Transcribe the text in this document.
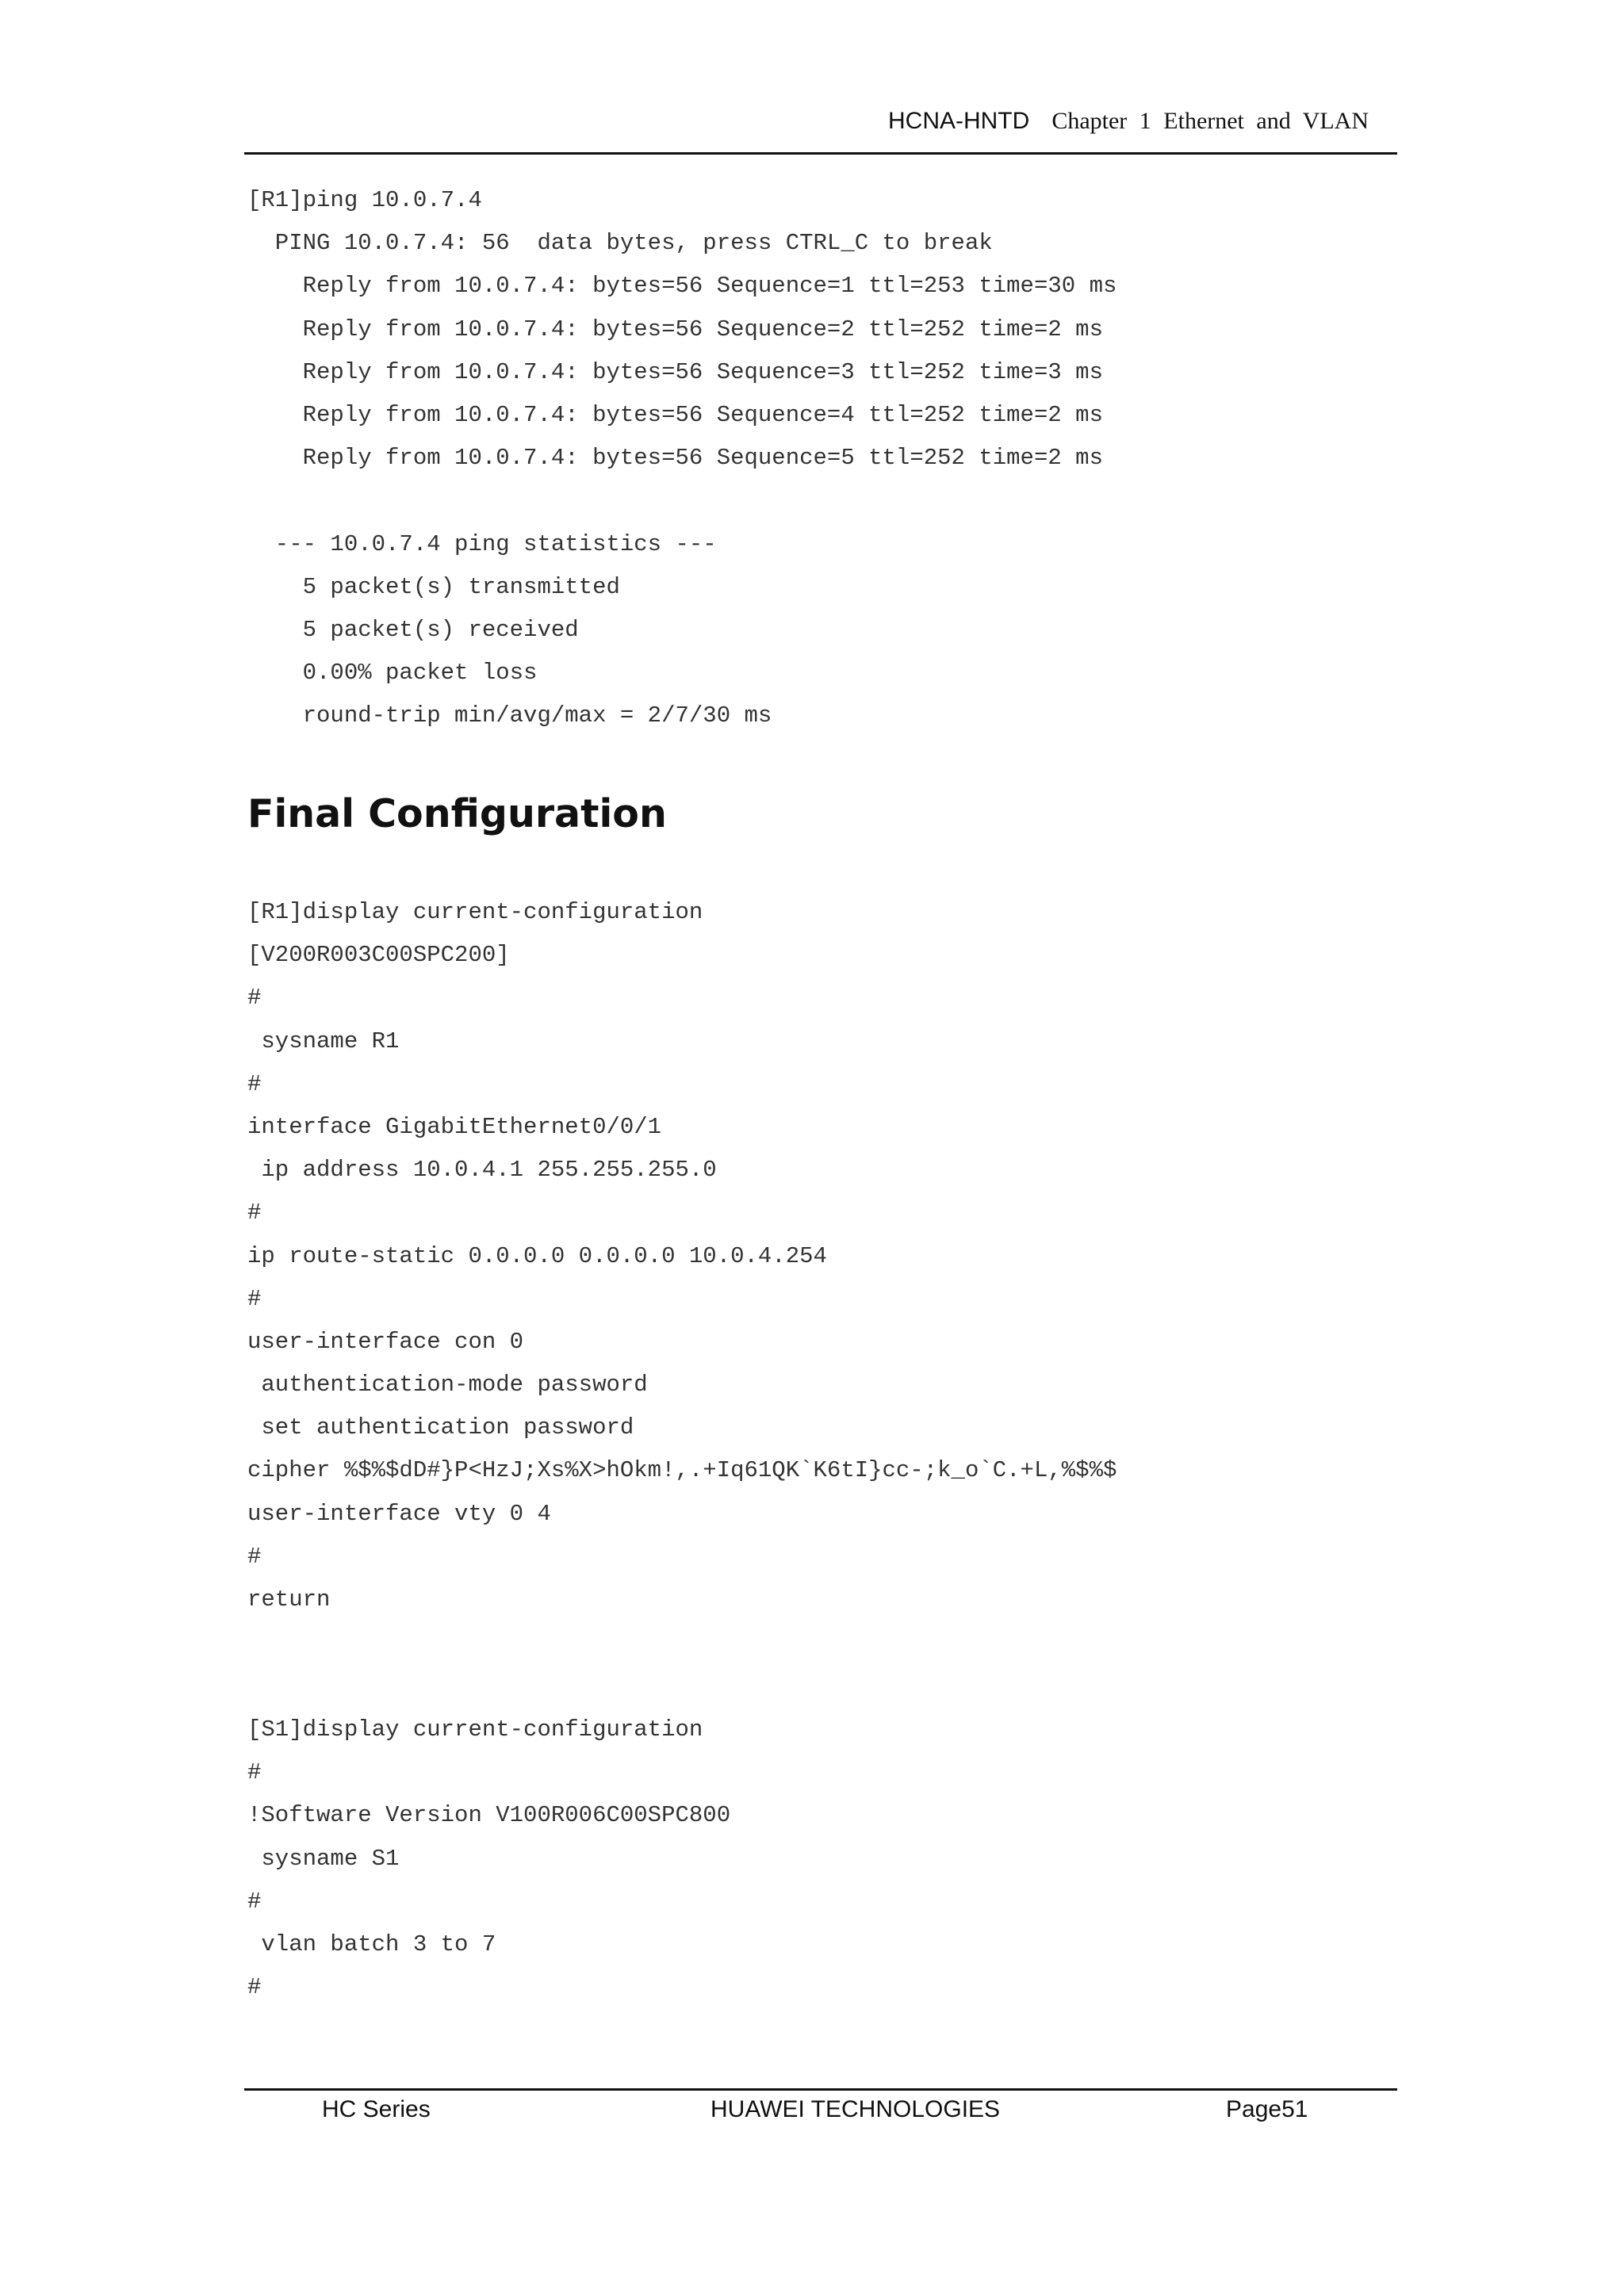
HCNA-HNTD Chapter 1 Ethernet and VLAN
[R1]ping 10.0.7.4
PING 10.0.7.4: 56  data bytes, press CTRL_C to break
Reply from 10.0.7.4: bytes=56 Sequence=1 ttl=253 time=30 ms
Reply from 10.0.7.4: bytes=56 Sequence=2 ttl=252 time=2 ms
Reply from 10.0.7.4: bytes=56 Sequence=3 ttl=252 time=3 ms
Reply from 10.0.7.4: bytes=56 Sequence=4 ttl=252 time=2 ms
Reply from 10.0.7.4: bytes=56 Sequence=5 ttl=252 time=2 ms
--- 10.0.7.4 ping statistics ---
5 packet(s) transmitted
5 packet(s) received
0.00% packet loss
round-trip min/avg/max = 2/7/30 ms
Final Configuration
[R1]display current-configuration
[V200R003C00SPC200]
#
sysname R1
#
interface GigabitEthernet0/0/1
ip address 10.0.4.1 255.255.255.0
#
ip route-static 0.0.0.0 0.0.0.0 10.0.4.254
#
user-interface con 0
authentication-mode password
set authentication password
cipher %$%$dD#}P<HzJ;Xs%X>hOkm!,.+Iq61QK`K6tI}cc-;k_o`C.+L,%$%$
user-interface vty 0 4
#
return
[S1]display current-configuration
#
!Software Version V100R006C00SPC800
sysname S1
#
vlan batch 3 to 7
#
HC Series	HUAWEI TECHNOLOGIES	Page51
